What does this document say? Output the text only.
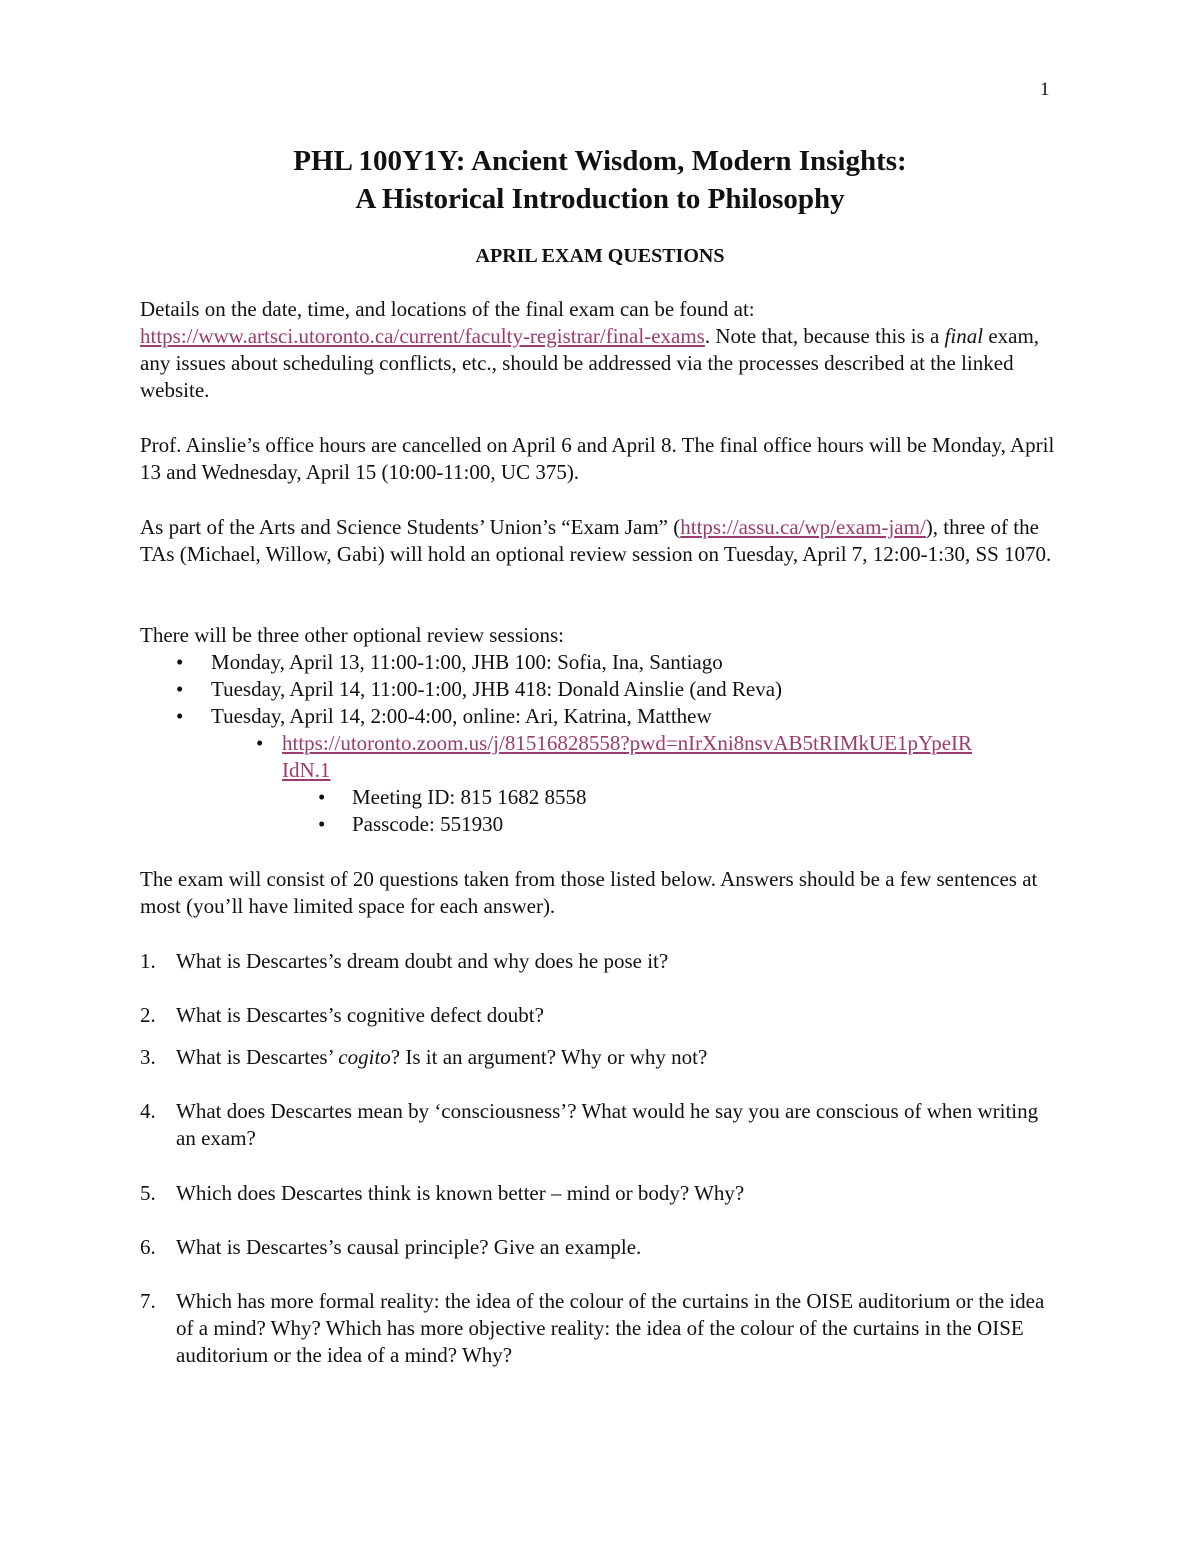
1
PHL 100Y1Y: Ancient Wisdom, Modern Insights:
A Historical Introduction to Philosophy
APRIL EXAM QUESTIONS
Details on the date, time, and locations of the final exam can be found at:
https://www.artsci.utoronto.ca/current/faculty-registrar/final-exams. Note that, because this is a final exam, any issues about scheduling conflicts, etc., should be addressed via the processes described at the linked website.
Prof. Ainslie’s office hours are cancelled on April 6 and April 8. The final office hours will be Monday, April 13 and Wednesday, April 15 (10:00-11:00, UC 375).
As part of the Arts and Science Students’ Union’s “Exam Jam” (https://assu.ca/wp/exam-jam/), three of the TAs (Michael, Willow, Gabi) will hold an optional review session on Tuesday, April 7, 12:00-1:30, SS 1070.
There will be three other optional review sessions:
• Monday, April 13, 11:00-1:00, JHB 100: Sofia, Ina, Santiago
• Tuesday, April 14, 11:00-1:00, JHB 418: Donald Ainslie (and Reva)
• Tuesday, April 14, 2:00-4:00, online: Ari, Katrina, Matthew
• https://utoronto.zoom.us/j/81516828558?pwd=nIrXni8nsvAB5tRIMkUE1pYpeIR
IdN.1
• Meeting ID: 815 1682 8558
• Passcode: 551930
The exam will consist of 20 questions taken from those listed below. Answers should be a few sentences at most (you’ll have limited space for each answer).
1. What is Descartes’s dream doubt and why does he pose it?
2. What is Descartes’s cognitive defect doubt?
3. What is Descartes’ cogito? Is it an argument? Why or why not?
4. What does Descartes mean by ‘consciousness’? What would he say you are conscious of when writing an exam?
5. Which does Descartes think is known better – mind or body? Why?
6. What is Descartes’s causal principle? Give an example.
7. Which has more formal reality: the idea of the colour of the curtains in the OISE auditorium or the idea of a mind? Why? Which has more objective reality: the idea of the colour of the curtains in the OISE auditorium or the idea of a mind? Why?
